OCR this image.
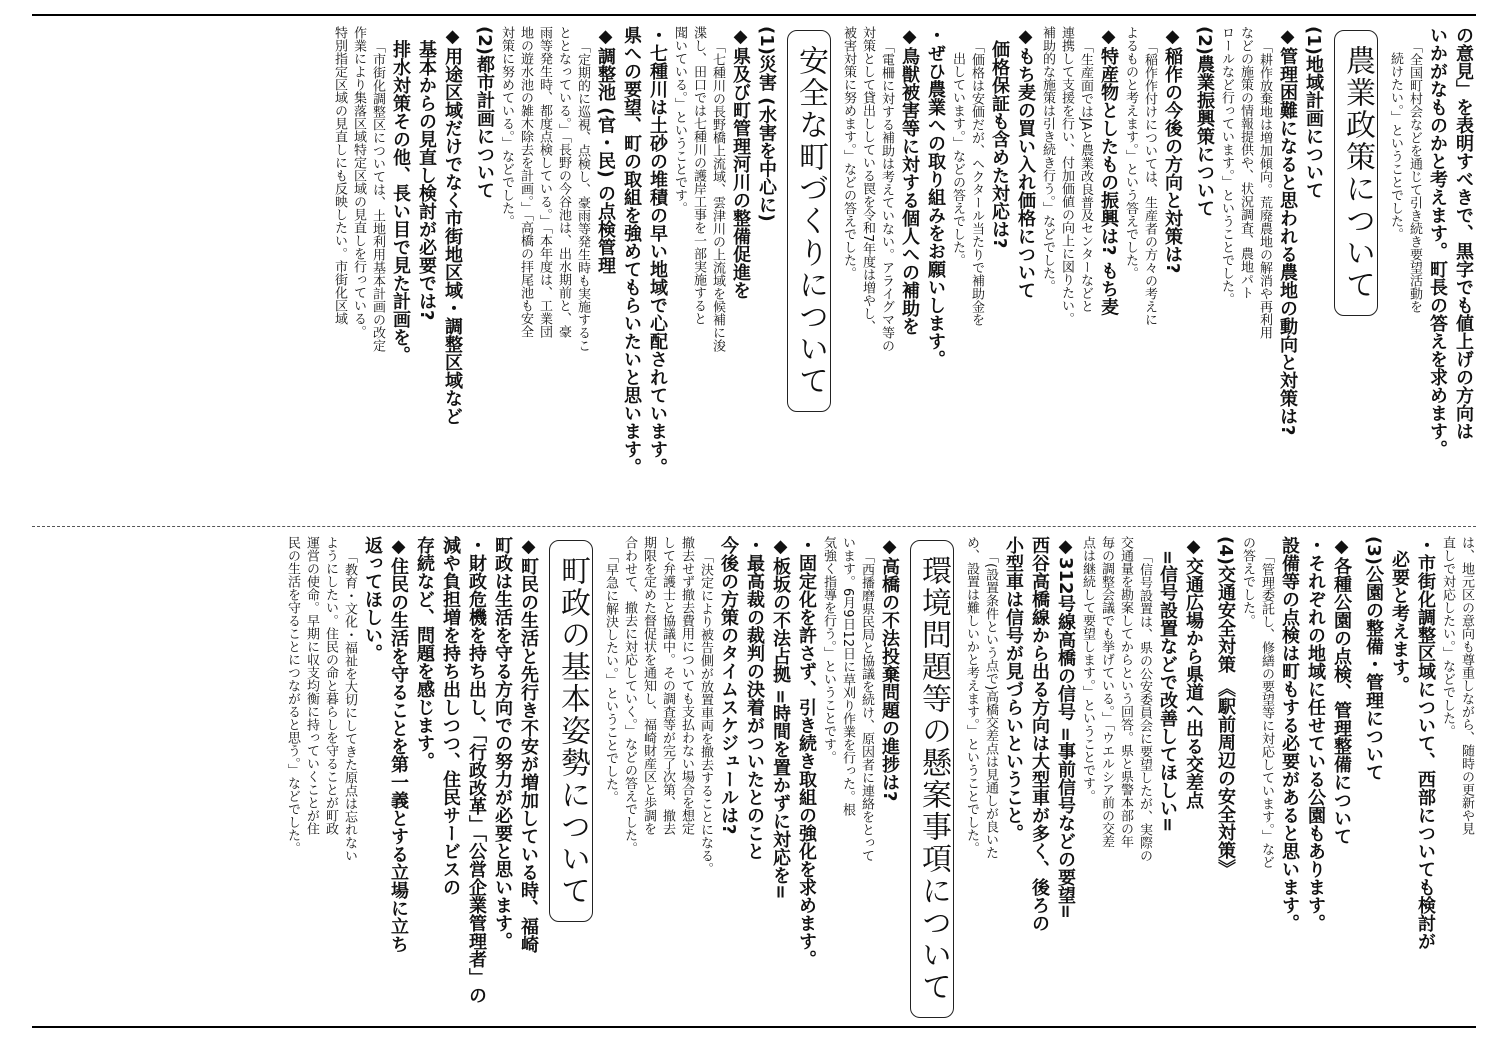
の意見」を表明すべきで、黒字でも値上げの方向は

いかがなものかと考えます。町長の答えを求めます。

「全国町村会などを通じて引き続き要望活動を

続けたい。」ということでした。

農業政策について

(1)地域計画について

◆管理困難になると思われる農地の動向と対策は?

「耕作放棄地は増加傾向。荒廃農地の解消や再利用

などの施策の情報提供や、状況調査、農地パト

ロールなど行っています。」ということでした。

(2)農業振興策について

◆稲作の今後の方向と対策は?

「稲作作付けについては、生産者の方々の考えに

よるものと考えます。」という答えでした。

◆特産物としたもの振興は? もち麦

「生産面ではJAと農業改良普及センターなどと

連携して支援を行い、付加価値の向上に図りたい。

補助的な施策は引き続き行う。」などでした。

◆もち麦の買い入れ価格について

価格保証も含めた対応は?

「価格は安価だが、ヘクタール当たりで補助金を

出しています。」などの答えでした。

・ぜひ農業への取り組みをお願いします。

◆鳥獣被害等に対する個人への補助を

「電柵に対する補助は考えていない。アライグマ等の

対策として貸出ししている罠を令和7年度は増やし、

被害対策に努めます。」などの答えでした。

安全な町づくりについて

(1)災害 (水害を中心に)

◆県及び町管理河川の整備促進を

「七種川の長野橋上流域、雲津川の上流域を候補に浚

渫し、田口では七種川の護岸工事を一部実施すると

聞いている。」ということです。

・七種川は土砂の堆積の早い地域で心配されています。

県への要望、町の取組を強めてもらいたいと思います。

◆調整池 (官・民) の点検管理

「定期的に巡視、点検し、豪雨等発生時も実施するこ

ととなっている。」「長野の今谷池は、出水期前と、豪

雨等発生時、都度点検している。」「本年度は、工業団

地の遊水池の雑木除去を計画。」「高橋の拝尾池も安全

対策に努めている。」などでした。

(2)都市計画について

◆用途区域だけでなく市街地区域・調整区域など

基本からの見直し検討が必要では?

排水対策その他、長い目で見た計画を。

「市街化調整区については、土地利用基本計画の改定

作業により集落区域特定区域の見直しを行っている。

特別指定区域の見直しにも反映したい。市街化区域

は、地元区の意向も尊重しながら、随時の更新や見

直しで対応したい。」などでした。

・市街化調整区域について、西部についても検討が

必要と考えます。

(3)公園の整備・管理について

◆各種公園の点検、管理整備について

・それぞれの地域に任せている公園もあります。

設備等の点検は町もする必要があると思います。

「管理委託し、修繕の要望等に対応しています。」など

の答えでした。

(4)交通安全対策 《駅前周辺の安全対策》

◆交通広場から県道へ出る交差点

=信号設置などで改善してほしい=

「信号設置は、県の公安委員会に要望したが、実際の

交通量を勘案してからという回答。県と県警本部の年

毎の調整会議でも挙げている。」「ウエルシア前の交差

点は継続して要望します。」ということです。

◆312号線高橋の信号 =事前信号などの要望=

西谷高橋線から出る方向は大型車が多く、後ろの

小型車は信号が見づらいということ。

「(設置条件という点で)高橋交差点は見通しが良いた

め、設置は難しいかと考えます。」ということでした。

環境問題等の懸案事項について

◆高橋の不法投棄問題の進捗は?

「西播磨県民局と協議を続け、原因者に連絡をとって

います。6月9日12日に草刈り作業を行った。根

気強く指導を行う。」ということです。

・固定化を許さず、引き続き取組の強化を求めます。

◆板坂の不法占拠 =時間を置かずに対応を=

・最高裁の裁判の決着がついたとのこと

今後の方策のタイムスケジュールは?

「決定により被告側が放置車両を撤去することになる。

撤去せず撤去費用についても支払わない場合を想定

して弁護士と協議中。その調査等が完了次第、撤去

期限を定めた督促状を通知し、福崎財産区と歩調を

合わせて、撤去に対応していく。」などの答えでした。

「早急に解決したい。」ということでした。

町政の基本姿勢について

◆町民の生活と先行き不安が増加している時、福崎

町政は生活を守る方向での努力が必要と思います。

・財政危機を持ち出し、「行政改革」「公営企業管理者」の

減や負担増を持ち出しつつ、住民サービスの

存続など、問題を感じます。

◆住民の生活を守ることを第一義とする立場に立ち

返ってほしい。

「教育・文化・福祉を大切にしてきた原点は忘れない

ようにしたい。住民の命と暮らしを守ることが町政

運営の使命。早期に収支均衡に持っていくことが住

民の生活を守ることにつながると思う。」などでした。
